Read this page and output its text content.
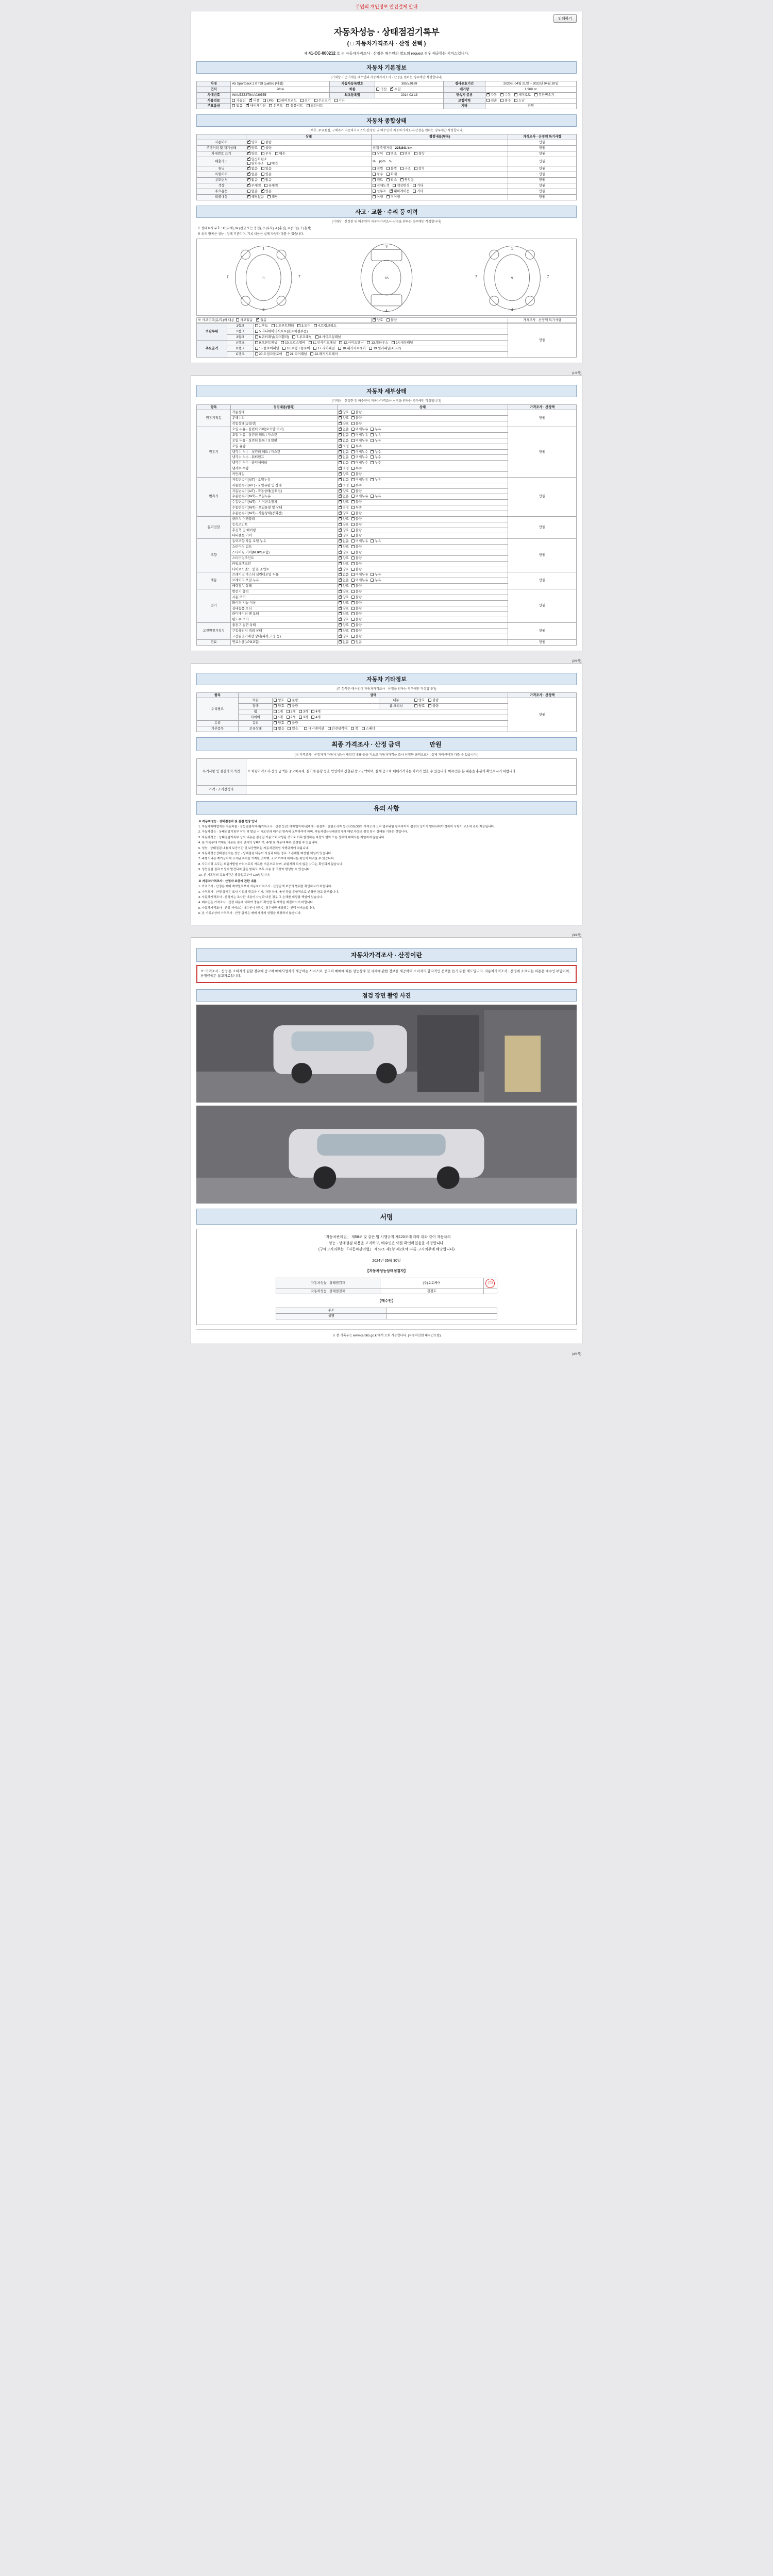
주민의 개인정보 안전결제 안내
인쇄하기
자동차성능 · 상태점검기록부
( □ 자동차가격조사 · 산정 선택 )
제 41-CC-000212 호 ※ 자동차가격조사 · 산정은 매수인의 별도의 request 경우 제공하는 서비스입니다.
자동차 기본정보
(기재상 기준기재일 매수인의 자동차가격조사 · 산정을 원하는 경우에만 작성합니다)
차명	A5 Sportback 2.0 TDI quattro (디젤)	자동차등록번호	385노9189	검사유효기간	2020년 04월 21일 ~ 2022년 04월 20일
연식	2014	차종	국산 ✔ 수입	배기량	1,968 cc
차대번호	WAUZZZ8T9AA030555	최초등록일	2014-03-13	변속기 종류	✔자동 수동 세미오토 무단변속기
사용연료	가솔린 ✔ 디젤 LPG 하이브리드 전기 수소전기 기타			보험이력	전손 침수 도난
주요옵션	없음 ✔ 내비게이션 선루프 통풍시트 열선시트			기타	만원
자동차 종합상태
(부호, 주요품질, 구매자가 자동차가격조사·산정한 및 매수인이 자동차가격조사·산정을 원하는 경우에만 작성합니다)
	상태	점검내용(항목)	가격조사 · 산정액 특기사항
사용이력	✔양호 불량		만원
주행거리 및 계기상태	✔양호 불량	현재 주행거리   225,841 km	만원
차대번호 표기	✔양호 부식 훼손	상이 변조 변경 결락	만원
배출가스	✔일산화탄소
탄화수소 매연	%    ppm    %	만원
튜닝	✔없음 있음	적법 불법 구조 장치	만원
특별이력	✔없음 있음	침수 화재	만원
용도변경	✔없음 있음	렌트 리스 영업용	만원
색상	✔무채색 유채색	전체도색 색상변경 기타	만원
주요옵션	없음 ✔ 있음	선루프 ✔ 내비게이션 기타	만원
리콜대상	✔해당없음 해당	이행 미이행	만원
사고 · 교환 · 수리 등 이력
(기재상 · 산정한 및 매수인이 자동차가격조사·산정을 원하는 경우에만 작성합니다)
※ 상태표시 부호 : X (교체), W (판금 또는 용접), C (부식), A (흠집), U (요철), T (흔적)
※ 위의 항목은 성능 · 상태 기준이며, 기록 내용은 실제 차량과 다를 수 있습니다.
1
9
4
3
16
4
1
9
4
7	7	7	7
※ 사고이력(유/무)의 내용 사고있음 ✔ 없음	✔양호 불량	가격조사 · 산정액 특기사항
외판부위	1랭크	1.후드 2.프론트휀더 3.도어 4.트렁크리드	만원
	2랭크	5.라디에이터서포트(볼트체결부품)	
	3랭크	6.쿼터패널(리어휀더) 7.루프패널 8.사이드실패널	
주요골격	A랭크	9.프론트패널 10.크로스멤버 11.인사이드패널 12.사이드멤버 13.휠하우스 14.대쉬패널	
	B랭크	15.플로어패널 16.트렁크플로어 17.리어패널 18.패키지트레이 19.필러패널(A,B,C)	
	C랭크	20.트렁크플로어 21.리어패널 22.패키지트레이	
(1/4쪽)
자동차 세부상태
(기재상 · 산정한 및 매수인이 자동차가격조사·산정을 원하는 경우에만 작성합니다)
항목	점검내용(항목)	상태	가격조사 · 산정액
원동기작동	작동상태	✔양호 불량	만원
	분해수리	✔양호 불량
	작동상태(공회전)	✔양호 불량
원동기	오일 누유 - 실린더 커버(로커암 커버)	✔없음 미세누유 누유	만원
	오일 누유 - 실린더 헤드 / 가스켓	✔없음 미세누유 누유
	오일 누유 - 실린더 블록 / 오일팬	✔없음 미세누유 누유
	오일 유량	✔적정 부족
	냉각수 누수 - 실린더 헤드 / 가스켓	✔없음 미세누수 누수
	냉각수 누수 - 워터펌프	✔없음 미세누수 누수
	냉각수 누수 - 라디에이터	✔없음 미세누수 누수
	냉각수 수량	✔적정 부족
	커먼레일	✔양호 불량
변속기	자동변속기(A/T) - 오일누유	✔없음 미세누유 누유	만원
	자동변속기(A/T) - 오일유량 및 상태	✔적정 부족
	자동변속기(A/T) - 작동상태(공회전)	✔양호 불량
	수동변속기(M/T) - 오일누유	✔없음 미세누유 누유
	수동변속기(M/T) - 기어변속장치	✔양호 불량
	수동변속기(M/T) - 오일유량 및 상태	✔적정 부족
	수동변속기(M/T) - 작동상태(공회전)	✔양호 불량
동력전달	클러치 어셈블리	✔양호 불량	만원
	등속조인트	✔양호 불량
	추진축 및 베어링	✔양호 불량
	디퍼렌셜 기어	✔양호 불량
조향	동력조향 작동 오일 누유	✔없음 미세누유 누유	만원
	스티어링 펌프	✔양호 불량
	스티어링 기어(MDPS포함)	✔양호 불량
	스티어링조인트	✔양호 불량
	파워크랭크암	✔양호 불량
	타이로드엔드 및 볼 조인트	✔양호 불량
제동	브레이크 마스터 실린더오일 누유	✔없음 미세누유 누유	만원
	브레이크 오일 누유	✔없음 미세누유 누유
	배력장치 상태	✔양호 불량
전기	발전기 출력	✔양호 불량	만원
	시동 모터	✔양호 불량
	와이퍼 기능 이상	✔양호 불량
	실내송풍 모터	✔양호 불량
	라디에이터 팬 모터	✔양호 불량
	윈도우 모터	✔양호 불량
고전원전기장치	충전구 절연 상태	✔양호 불량	만원
	구동축전지 격리 상태	✔양호 불량
	고전원전기배선 상태(피복,고정 등)	✔양호 불량
연료	연료누출(LPG포함)	✔없음 있음	만원
(2/4쪽)
자동차 기타정보
(각 항목은 매수인이 자동차가격조사 · 산정을 원하는 경우에만 작성합니다)
항목	상태				가격조사 · 산정액
수리필요	외판	양호 불량	내부	양호 불량	만원
	광택	양호 불량	룸 크리닝	양호 불량	
	휠	1개 2개 3개 4개			
	타이어	1개 2개 3개 4개			
유리	유리	양호 불량			
기본품목	보유상태	없음 있음 네비게이션 안전삼각대 잭 스패너			
최종 가격조사 · 산정 금액	만원
(※ 가격조사 · 산정자가 자동차 성능상태점검 내용 등을 기초로 자동차가격을 조사·산정한 금액으로서, 실제 거래금액과 다를 수 있습니다.)
특기사항 및 점검자의 의견	※ 차량가격조사·산정 금액은 중고차시세, 실거래 동향 등을 반영하여 산출된 참고금액이며, 실제 중고차 매매가격과는 차이가 있을 수 있습니다. 매수인은 본 내용을 충분히 확인하시기 바랍니다.
가격 · 조사산정자	
유의 사항

※ 자동차성능 · 상태점검자 및 점검 현장 안내

1. 자동차매매업자는 자동차를 · 성능점검자에서(기록조사 · 산정 등)인 매매업자에서(매매 · 점검자 · 점검조사자 등)의 OS,OS의 가격조사 고지 업무위임 필수적이어 점검의 상이이 명확되어야 정확히 사항이 고소에 관련 제공됩니다.

2. 자동차성능 · 상태점검기록부 작성 및 발급 시 매도인과 매수인 양측에 교부하여야 하며, 자동차성능상태점검자가 해당 차량의 점검 당시 상태를 기록한 것입니다.

3. 자동차성능 · 상태점검기록부 상의 내용은 점검일 기준으로 작성된 것으로 이후 발생하는 차량의 변화 또는 상태에 대해서는 책임지지 않습니다.

4. 본 기록부에 기재된 내용은 점검 당시의 상태이며, 주행 및 사용에 따라 변경될 수 있습니다.

5. 성능 · 상태점검 내용의 보증기간 및 보증범위는 자동차관리법 시행규칙에 따릅니다.

6. 자동차성능상태점검자는 성능 · 상태점검 내용이 사실과 다른 경우 그 손해를 배상할 책임이 있습니다.

7. 주행거리는 계기장치에 표시된 수치를 기재한 것이며, 조작 여부에 대해서는 확인이 어려울 수 있습니다.

8. 사고이력 유무는 보험개발원 카히스토리 자료를 기준으로 하며, 보험처리 되지 않은 사고는 확인되지 않습니다.

9. 성능점검 결과 이상이 발견되지 않은 항목도 추후 사용 중 고장이 발생할 수 있습니다.

10. 본 기록부의 유효기간은 발급일로부터 120일입니다.

※ 자동차가격조사 · 산정자 보증에 관한 내용

1. 가격조사 · 산정은 매매 계약일로부터 자동차가격조사 · 산정금액 보증의 범위를 확인하시기 바랍니다.

2. 가격조사 · 산정 금액은 조사 시점의 중고차 시세, 차량 상태, 옵션 등을 종합적으로 반영한 참고 금액입니다.

3. 자동차가격조사 · 산정자는 조사한 내용이 사실과 다른 경우 그 손해를 배상할 책임이 있습니다.

4. 매수인은 가격조사 · 산정 내용에 대하여 충분히 확인한 후 계약을 체결하시기 바랍니다.

5. 자동차가격조사 · 산정 서비스는 매수인이 원하는 경우에만 제공되는 선택 서비스입니다.

6. 본 기록부상의 가격조사 · 산정 금액은 매매 계약의 성립을 보장하지 않습니다.

(3/4쪽)
자동차가격조사 · 산정이란
※ '가격조사 · 산정'은 소비자가 원할 경우에 중고차 매매사업자가 제공하는 서비스로, 중고차 매매에 따른 성능상태 및 시세에 관한 정보를 제공하여 소비자의 합리적인 선택을 돕기 위한 제도입니다. 자동차가격조사 · 산정에 소요되는 비용은 매수인 부담이며, 산정금액은 참고자료입니다.
점검 장면 촬영 사진
서명
「자동차관리법」 제58조 및 같은 법 시행규칙 제120조에 따라 위와 같이 자동차의
성능 · 상태점검 내용을 고지하고, 매수인은 이를 확인하였음을 서명합니다.
(구매고지의무는 『자동차관리법』 제58조 제1항 제2호에 따른 고지의무에 해당합니다)
2024년 05월 30일
【자동차성능상태점검자】
자동차성능 · 상태점검자	(주)오토케어	(인)
자동차성능 · 상태점검자	김경호	
【매수인】
주소	
성명	
※ 본 기록부는 www.car365.go.kr에서 조회 가능합니다. (자동차민원 대국민포털)
(4/4쪽)
